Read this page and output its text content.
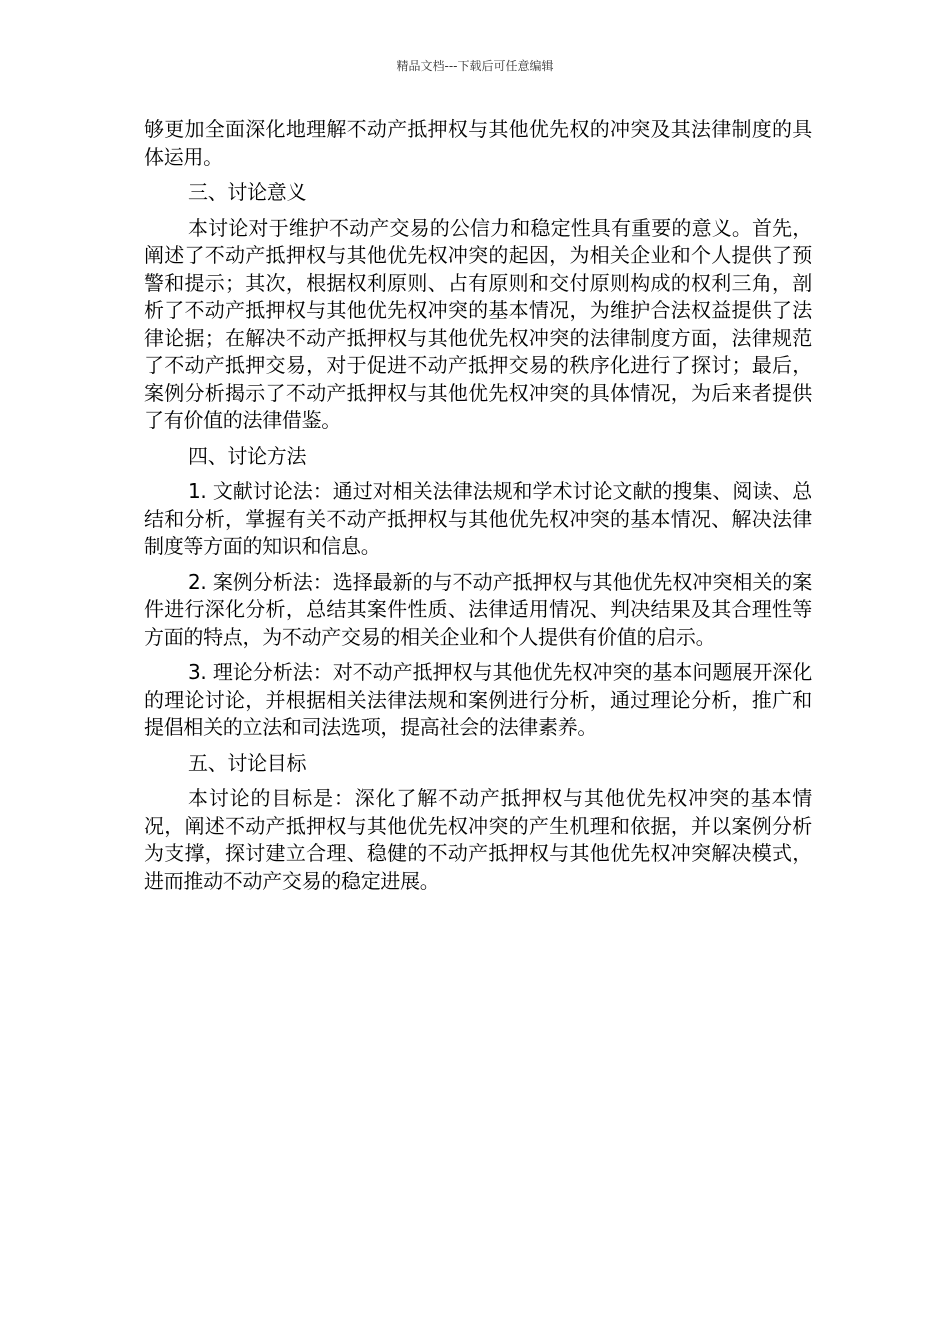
精品文档---下载后可任意编辑

够更加全面深化地理解不动产抵押权与其他优先权的冲突及其法律制度的具体运用。

三、讨论意义

本讨论对于维护不动产交易的公信力和稳定性具有重要的意义。首先，阐述了不动产抵押权与其他优先权冲突的起因，为相关企业和个人提供了预警和提示；其次，根据权利原则、占有原则和交付原则构成的权利三角，剖析了不动产抵押权与其他优先权冲突的基本情况，为维护合法权益提供了法律论据；在解决不动产抵押权与其他优先权冲突的法律制度方面，法律规范了不动产抵押交易，对于促进不动产抵押交易的秩序化进行了探讨；最后，案例分析揭示了不动产抵押权与其他优先权冲突的具体情况，为后来者提供了有价值的法律借鉴。

四、讨论方法

1. 文献讨论法：通过对相关法律法规和学术讨论文献的搜集、阅读、总结和分析，掌握有关不动产抵押权与其他优先权冲突的基本情况、解决法律制度等方面的知识和信息。

2. 案例分析法：选择最新的与不动产抵押权与其他优先权冲突相关的案件进行深化分析，总结其案件性质、法律适用情况、判决结果及其合理性等方面的特点，为不动产交易的相关企业和个人提供有价值的启示。

3. 理论分析法：对不动产抵押权与其他优先权冲突的基本问题展开深化的理论讨论，并根据相关法律法规和案例进行分析，通过理论分析，推广和提倡相关的立法和司法选项，提高社会的法律素养。

五、讨论目标

本讨论的目标是：深化了解不动产抵押权与其他优先权冲突的基本情况，阐述不动产抵押权与其他优先权冲突的产生机理和依据，并以案例分析为支撑，探讨建立合理、稳健的不动产抵押权与其他优先权冲突解决模式，进而推动不动产交易的稳定进展。
